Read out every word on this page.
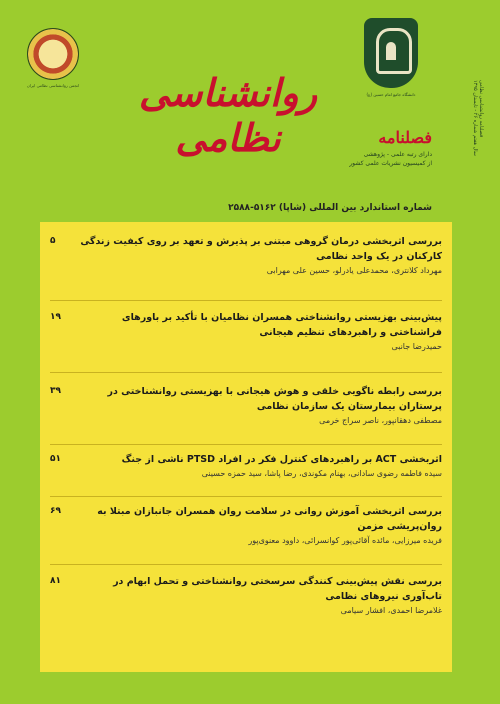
انجمن روانشناسی نظامی ایران
دانشگاه جامع امام حسین (ع)
روانشناسی نظامی	فصلنامه
دارای رتبه علمی - پژوهشی
از کمیسیون نشریات علمی کشور
شماره استاندارد بین المللی (شاپا) ۵۱۶۲-۲۵۸۸
فصلنامه روانشناسی نظامی
سال هفتم شماره ۲۶ - تابستان ۱۳۹۵
بررسی اثربخشی درمان گروهی مبتنی بر پذیرش و تعهد بر روی کیفیت زندگی کارکنان در یک واحد نظامی
۵
مهرداد کلانتری، محمدعلی یادرلو، حسین علی مهرابی
پیش‌بینی بهزیستی روانشناختی همسران نظامیان با تأکید بر باورهای فراشناختی و راهبردهای تنظیم هیجانی
۱۹
حمیدرضا جانبی
بررسی رابطه ناگویی خلقی و هوش هیجانی با بهزیستی روانشناختی در پرستاران بیمارستان یک سازمان نظامی
۳۹
مصطفی دهقانپور، ناصر سراج خرمی
اثربخشی ACT بر راهبردهای کنترل فکر در افراد PTSD ناشی از جنگ
۵۱
سیده فاطمه رضوی سادانی، بهنام مکوندی، رضا پاشا، سید حمزه حسینی
بررسی اثربخشی آموزش روانی در سلامت روان همسران جانبازان مبتلا به روان‌پریشی مزمن
۶۹
فریده میرزایی، مائده آقائی‌پور کوانسرائی، داوود معنوی‌پور
بررسی نقش پیش‌بینی کنندگی سرسختی روانشناختی و تحمل ابهام در تاب‌آوری نیروهای نظامی
۸۱
غلامرضا احمدی، افشار سیامی
